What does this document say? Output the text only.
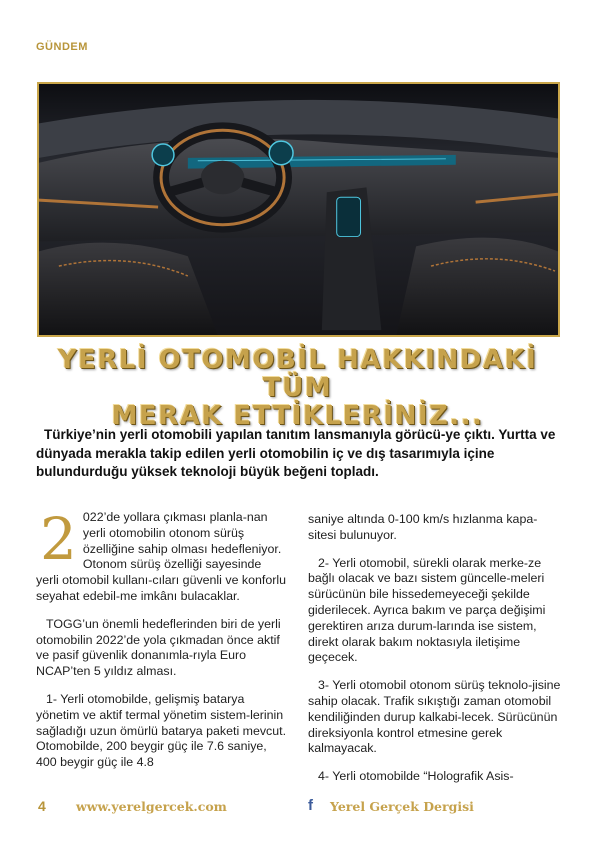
GÜNDEM
YERLİ OTOMOBİL HAKKINDAKİ TÜM
MERAK ETTİKLERİNİZ...
Türkiye’nin yerli otomobili yapılan tanıtım lansmanıyla görücü-ye çıktı. Yurtta ve dünyada merakla takip edilen yerli otomobilin iç ve dış tasarımıyla içine bulundurduğu yüksek teknoloji büyük beğeni topladı.

2 022’de yollara çıkması planla-nan yerli otomobilin otonom sürüş özelliğine sahip olması hedefleniyor. Otonom sürüş özelliği sayesinde yerli otomobil kullanı-cıları güvenli ve konforlu seyahat edebil-me imkânı bulacaklar.

TOGG’un önemli hedeflerinden biri de yerli otomobilin 2022’de yola çıkmadan önce aktif ve pasif güvenlik donanımla-rıyla Euro NCAP’ten 5 yıldız alması.

1- Yerli otomobilde, gelişmiş batarya yönetim ve aktif termal yönetim sistem-lerinin sağladığı uzun ömürlü batarya paketi mevcut. Otomobilde, 200 beygir güç ile 7.6 saniye, 400 beygir güç ile 4.8

saniye altında 0-100 km/s hızlanma kapa-sitesi bulunuyor.

2- Yerli otomobil, sürekli olarak merke-ze bağlı olacak ve bazı sistem güncelle-meleri sürücünün bile hissedemeyeceği şekilde giderilecek. Ayrıca bakım ve parça değişimi gerektiren arıza durum-larında ise sistem, direkt olarak bakım noktasıyla iletişime geçecek.

3- Yerli otomobil otonom sürüş teknolo-jisine sahip olacak. Trafik sıkıştığı zaman otomobil kendiliğinden durup kalkabi-lecek. Sürücünün direksiyonla kontrol etmesine gerek kalmayacak.

4- Yerli otomobilde “Holografik Asis-

4 www.yerelgercek.com	f	Yerel Gerçek Dergisi
